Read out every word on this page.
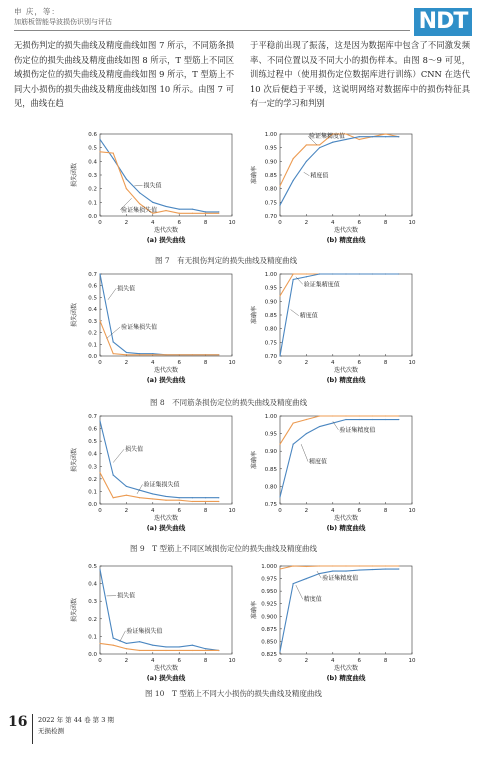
申 庆，等：
加筋板智能导波损伤识别与评估	NDT
无损伤判定的损失曲线及精度曲线如图 7 所示，不同筋条损伤定位的损失曲线及精度曲线如图 8 所示，T 型筋上不同区域损伤定位的损失曲线及精度曲线如图 9 所示，T 型筋上不同大小损伤的损失曲线及精度曲线如图 10 所示。由图 7 可见，曲线在趋
于平稳前出现了振荡，这是因为数据库中包含了不同激发频率、不同位置以及不同大小的损伤样本。由图 8～9 可见，训练过程中（使用损伤定位数据库进行训练）CNN 在迭代 10 次后便趋于平缓，这说明网络对数据库中的损伤特征具有一定的学习和判别
0	2	4	6	8	10
0.0
0.1
0.2
0.3
0.4
0.5
0.6
损失值
验证集损失值
迭代次数
损失函数
(a) 损失曲线
0	2	4	6	8	10
0.70
0.75
0.80
0.85
0.90
0.95
1.00	验证集精度值
精度值
迭代次数
准确率
(b) 精度曲线
图 7　有无损伤判定的损失曲线及精度曲线
0	2	4	6	8	10
0.0
0.1
0.2
0.3
0.4
0.5
0.6
0.7
损失值
验证集损失值
迭代次数
损失函数
(a) 损失曲线
0	2	4	6	8	10
0.70
0.75
0.80
0.85
0.90
0.95
1.00
验证集精度值
精度值
迭代次数
准确率
(b) 精度曲线
图 8　不同筋条损伤定位的损失曲线及精度曲线
0	2	4	6	8	10
0.0
0.1
0.2
0.3
0.4
0.5
0.6
0.7
损失值
验证集损失值
迭代次数
损失函数
(a) 损失曲线
0	2	4	6	8	10
0.75
0.80
0.85
0.90
0.95
1.00
验证集精度值
精度值
迭代次数
准确率
(b) 精度曲线
图 9　T 型筋上不同区域损伤定位的损失曲线及精度曲线
0	2	4	6	8	10
0.0
0.1
0.2
0.3
0.4
0.5
损失值
验证集损失值
迭代次数
损失函数
(a) 损失曲线
0	2	4	6	8	10
0.825
0.850
0.875
0.900
0.925
0.950
0.975
1.000
验证集精度值
精度值
迭代次数
准确率
(b) 精度曲线
图 10　T 型筋上不同大小损伤的损失曲线及精度曲线
16 2022 年 第 44 卷 第 3 期
无损检测
